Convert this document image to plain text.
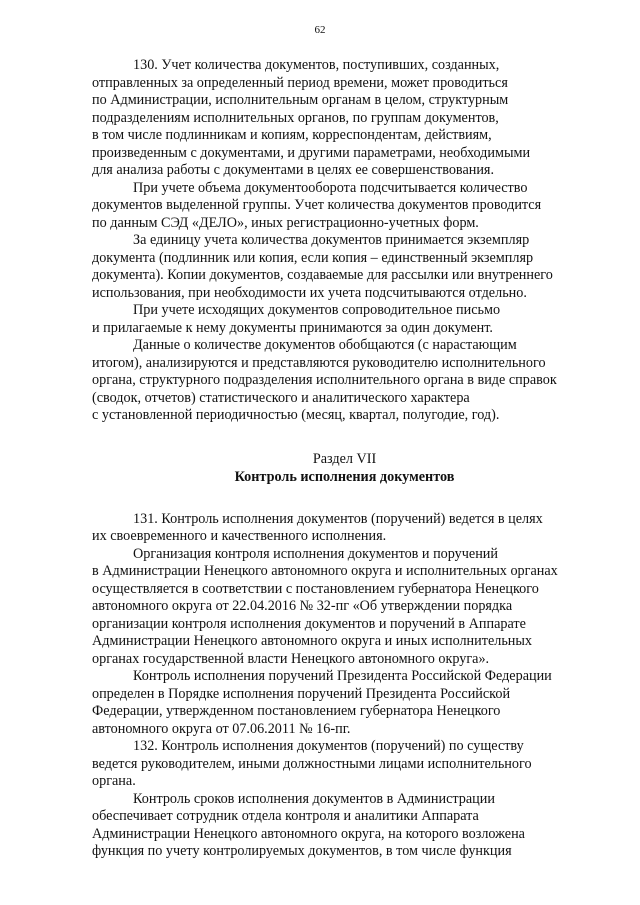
62

130. Учет количества документов, поступивших, созданных,
отправленных за определенный период времени, может проводиться
по Администрации, исполнительным органам в целом, структурным
подразделениям исполнительных органов, по группам документов,
в том числе подлинникам и копиям, корреспондентам, действиям,
произведенным с документами, и другими параметрами, необходимыми
для анализа работы с документами в целях ее совершенствования.

При учете объема документооборота подсчитывается количество
документов выделенной группы. Учет количества документов проводится
по данным СЭД «ДЕЛО», иных регистрационно-учетных форм.

За единицу учета количества документов принимается экземпляр
документа (подлинник или копия, если копия – единственный экземпляр
документа). Копии документов, создаваемые для рассылки или внутреннего
использования, при необходимости их учета подсчитываются отдельно.

При учете исходящих документов сопроводительное письмо
и прилагаемые к нему документы принимаются за один документ.

Данные о количестве документов обобщаются (с нарастающим
итогом), анализируются и представляются руководителю исполнительного
органа, структурного подразделения исполнительного органа в виде справок
(сводок, отчетов) статистического и аналитического характера
с установленной периодичностью (месяц, квартал, полугодие, год).

Раздел VII
Контроль исполнения документов

131. Контроль исполнения документов (поручений) ведется в целях
их своевременного и качественного исполнения.

Организация контроля исполнения документов и поручений
в Администрации Ненецкого автономного округа и исполнительных органах
осуществляется в соответствии с постановлением губернатора Ненецкого
автономного округа от 22.04.2016 № 32-пг «Об утверждении порядка
организации контроля исполнения документов и поручений в Аппарате
Администрации Ненецкого автономного округа и иных исполнительных
органах государственной власти Ненецкого автономного округа».

Контроль исполнения поручений Президента Российской Федерации
определен в Порядке исполнения поручений Президента Российской
Федерации, утвержденном постановлением губернатора Ненецкого
автономного округа от 07.06.2011 № 16-пг.

132. Контроль исполнения документов (поручений) по существу
ведется руководителем, иными должностными лицами исполнительного
органа.

Контроль сроков исполнения документов в Администрации
обеспечивает сотрудник отдела контроля и аналитики Аппарата
Администрации Ненецкого автономного округа, на которого возложена
функция по учету контролируемых документов, в том числе функция
